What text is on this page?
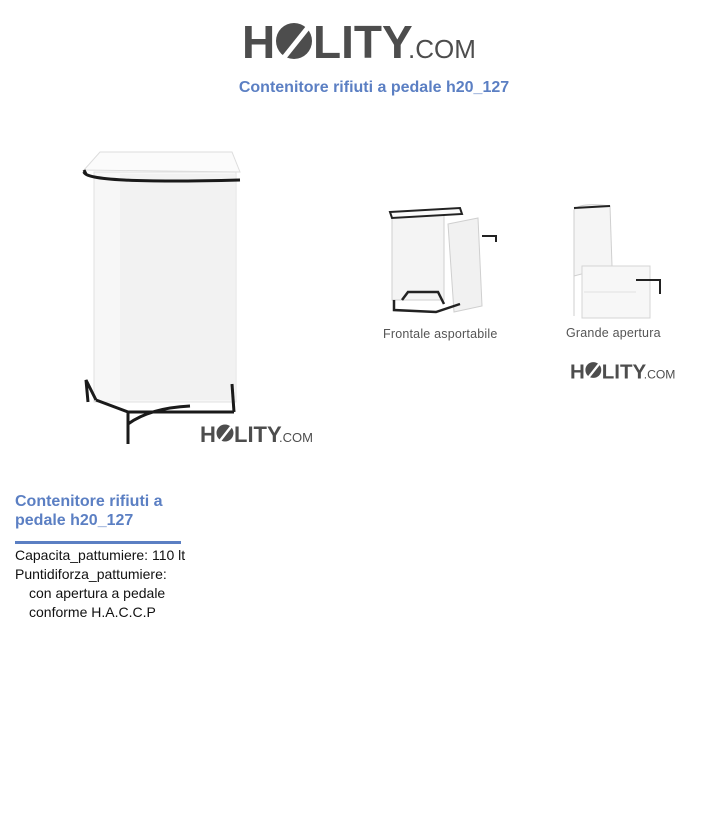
H LITY
.COM
Contenitore rifiuti a pedale h20_127
H LITY
.COM
Frontale asportabile	Grande apertura
H LITY
.COM
Contenitore rifiuti a pedale h20_127
Capacita_pattumiere: 110 lt
Puntidiforza_pattumiere:
con apertura a pedale
conforme H.A.C.C.P
